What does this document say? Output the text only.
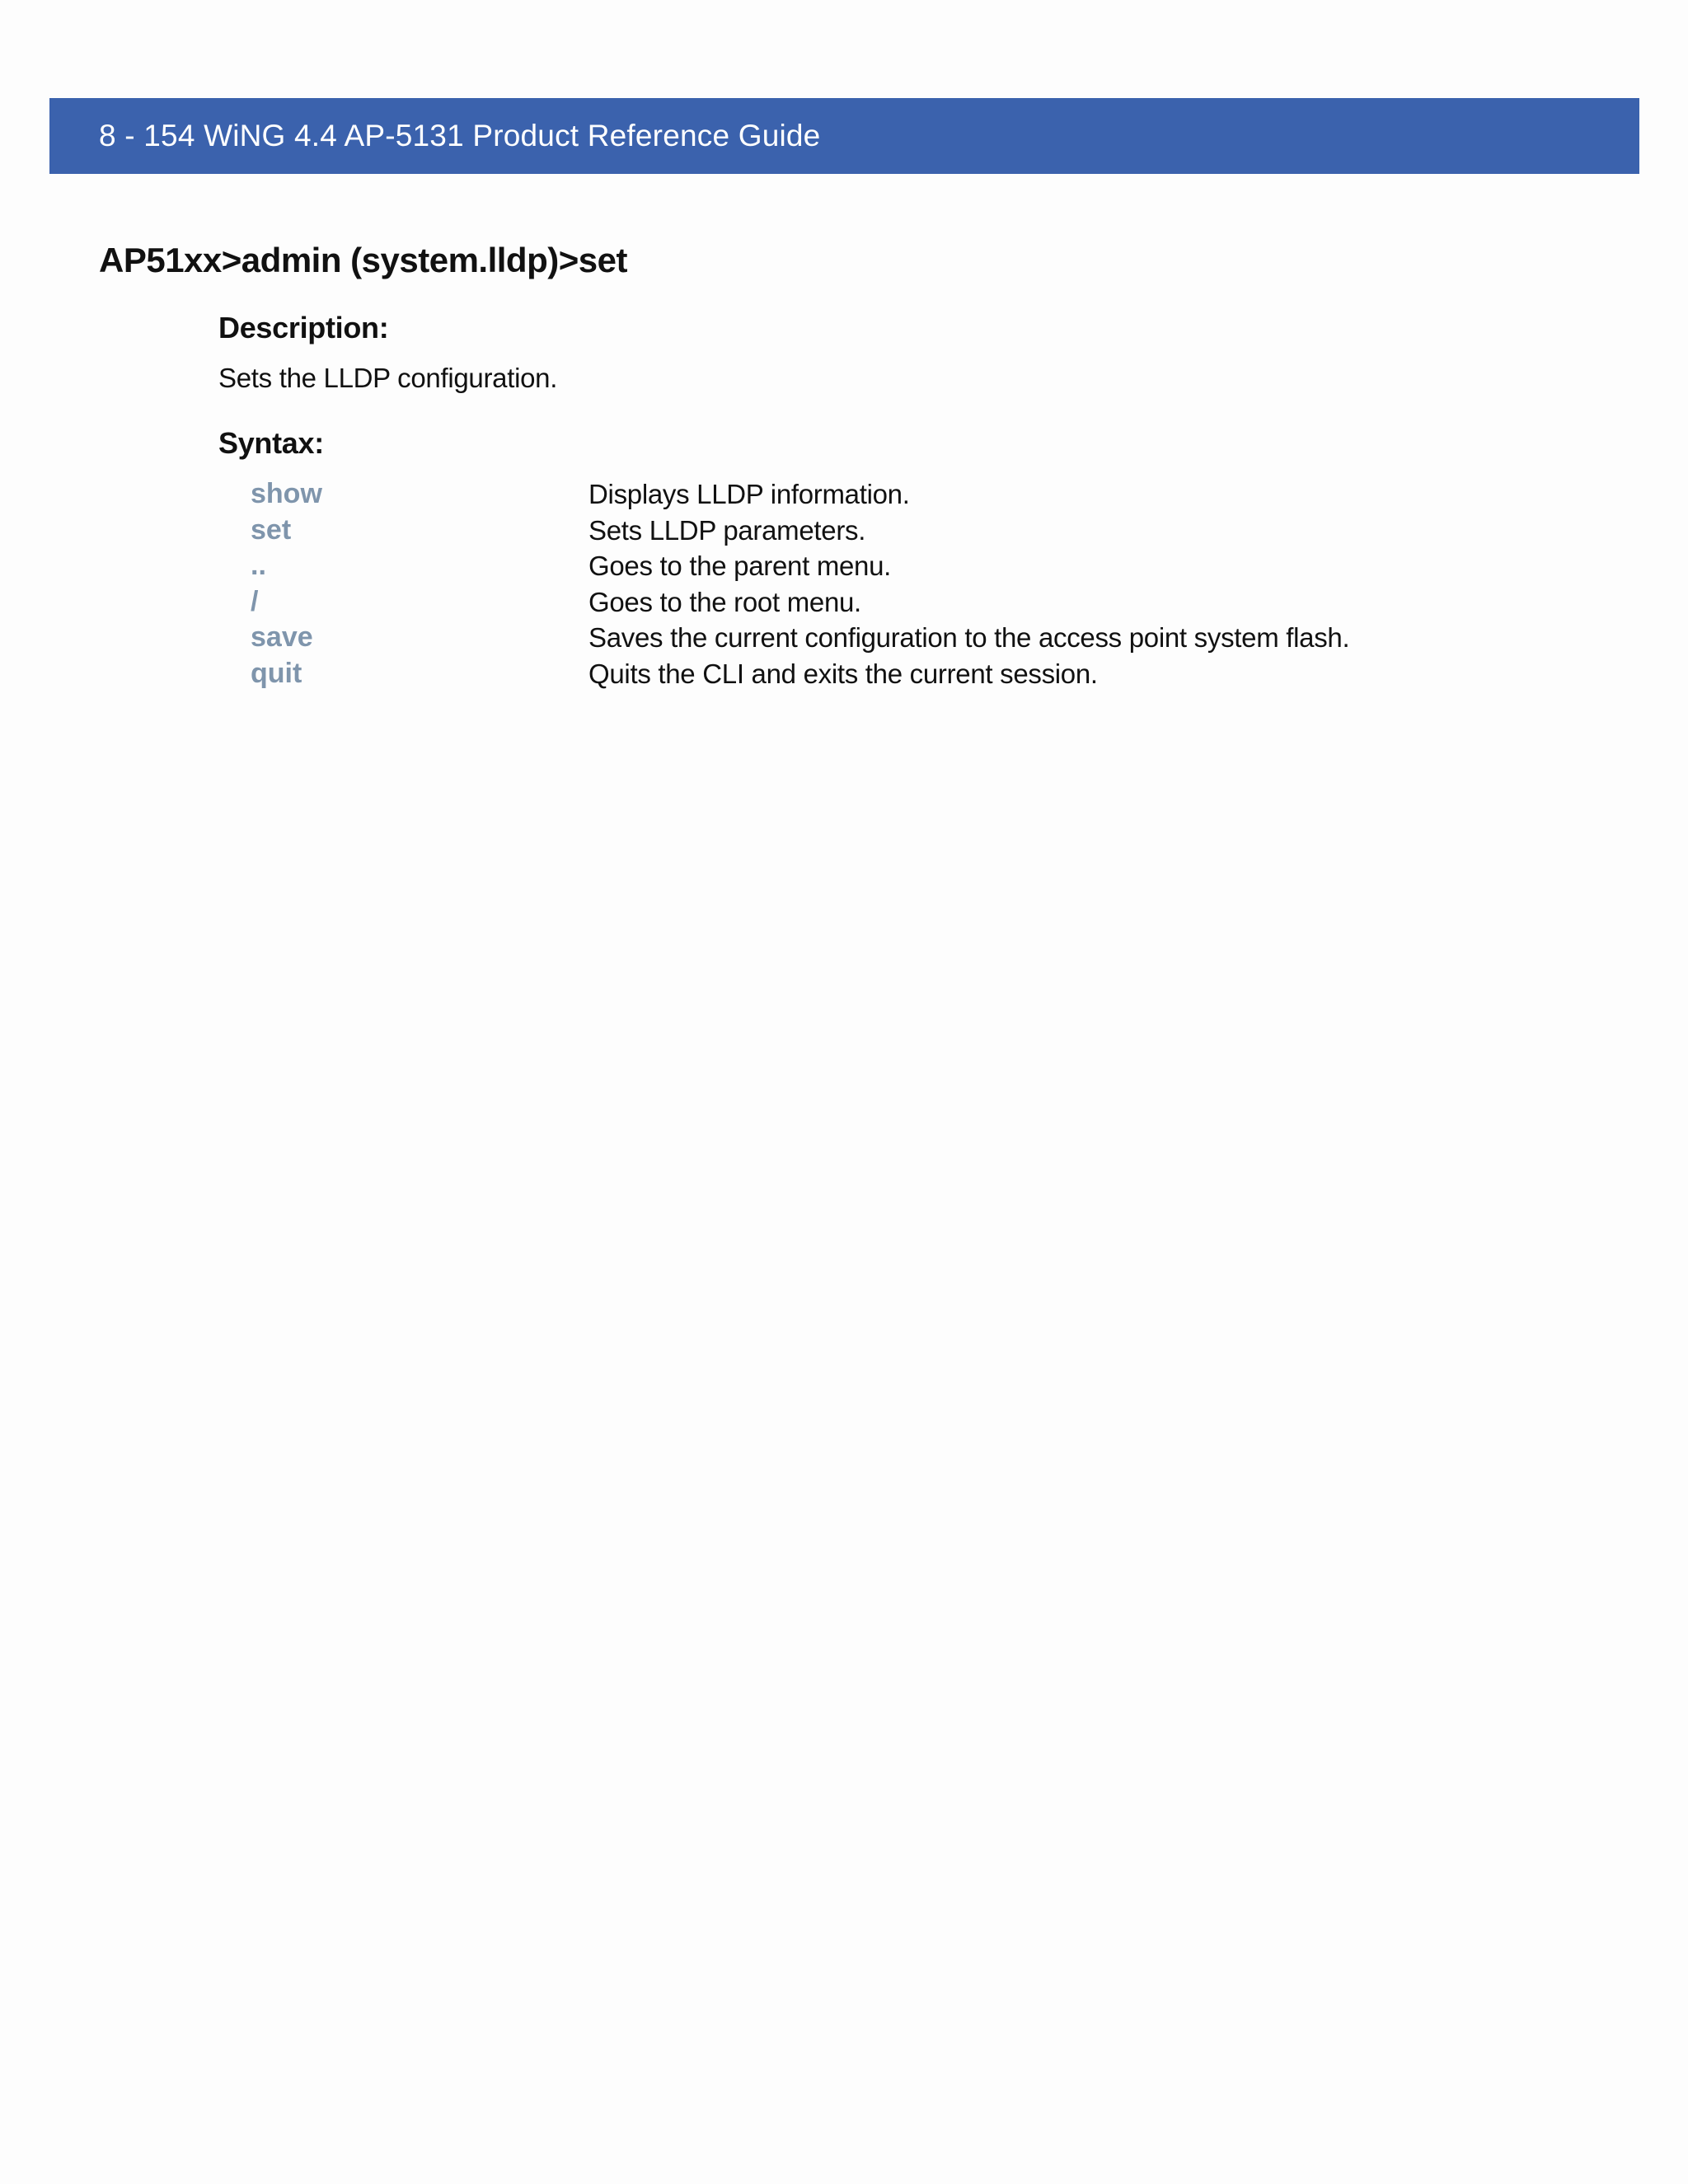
8 - 154 WiNG 4.4 AP-5131 Product Reference Guide
AP51xx>admin (system.lldp)>set
Description:
Sets the LLDP configuration.
Syntax:
show	Displays LLDP information.
set	Sets LLDP parameters.
..	Goes to the parent menu.
/	Goes to the root menu.
save	Saves the current configuration to the access point system flash.
quit	Quits the CLI and exits the current session.
